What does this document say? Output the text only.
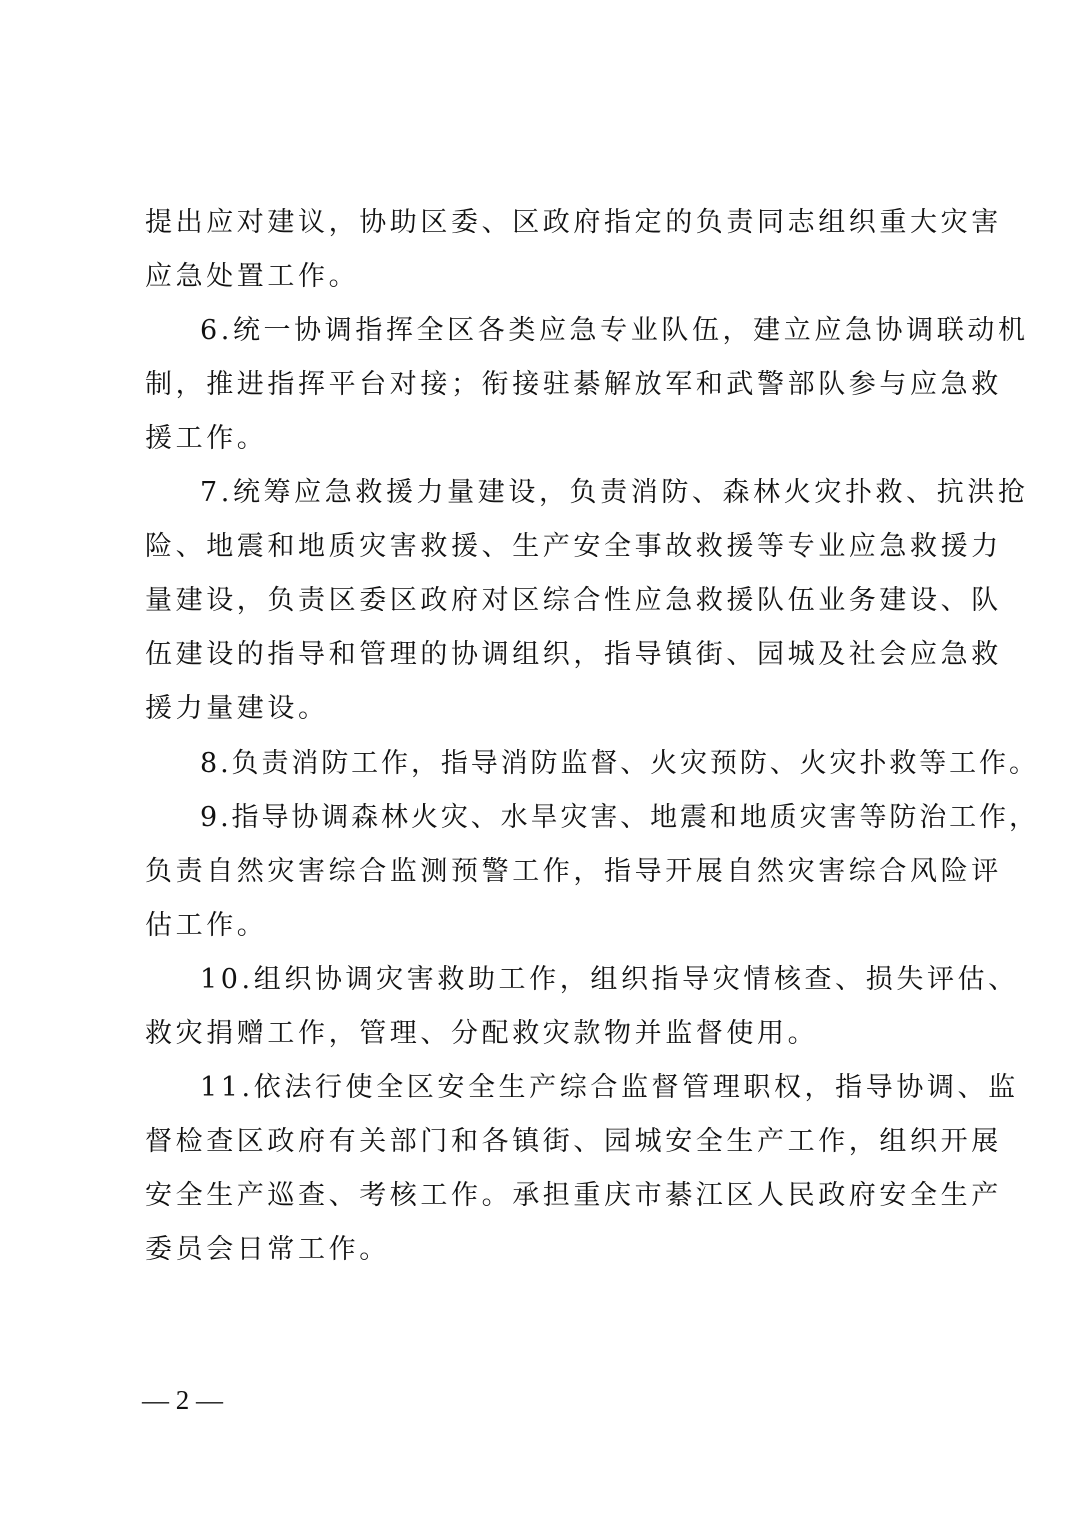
提出应对建议，协助区委、区政府指定的负责同志组织重大灾害
应急处置工作。
6.统一协调指挥全区各类应急专业队伍，建立应急协调联动机
制，推进指挥平台对接；衔接驻綦解放军和武警部队参与应急救
援工作。
7.统筹应急救援力量建设，负责消防、森林火灾扑救、抗洪抢
险、地震和地质灾害救援、生产安全事故救援等专业应急救援力
量建设，负责区委区政府对区综合性应急救援队伍业务建设、队
伍建设的指导和管理的协调组织，指导镇街、园城及社会应急救
援力量建设。
8.负责消防工作，指导消防监督、火灾预防、火灾扑救等工作。
9.指导协调森林火灾、水旱灾害、地震和地质灾害等防治工作，
负责自然灾害综合监测预警工作，指导开展自然灾害综合风险评
估工作。
10.组织协调灾害救助工作，组织指导灾情核查、损失评估、
救灾捐赠工作，管理、分配救灾款物并监督使用。
11.依法行使全区安全生产综合监督管理职权，指导协调、监
督检查区政府有关部门和各镇街、园城安全生产工作，组织开展
安全生产巡查、考核工作。承担重庆市綦江区人民政府安全生产
委员会日常工作。
— 2 —
